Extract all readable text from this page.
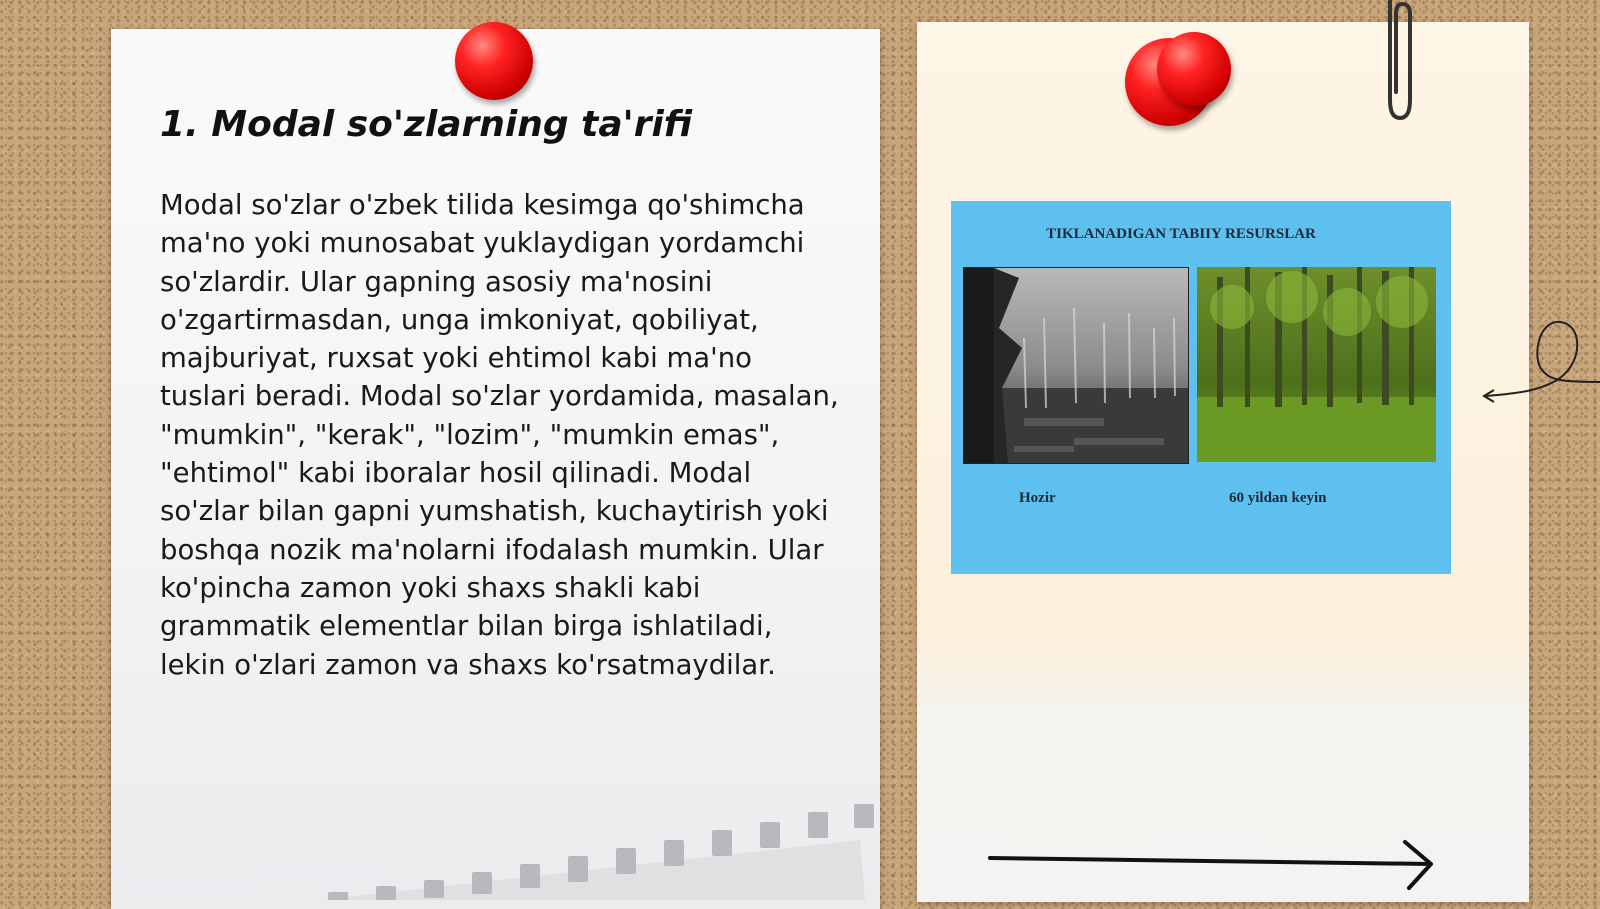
1. Modal so'zlarning ta'rifi

Modal so'zlar o'zbek tilida kesimga qo'shimcha ma'no yoki munosabat yuklaydigan yordamchi so'zlardir. Ular gapning asosiy ma'nosini o'zgartirmasdan, unga imkoniyat, qobiliyat, majburiyat, ruxsat yoki ehtimol kabi ma'no tuslari beradi. Modal so'zlar yordamida, masalan, "mumkin", "kerak", "lozim", "mumkin emas", "ehtimol" kabi iboralar hosil qilinadi. Modal so'zlar bilan gapni yumshatish, kuchaytirish yoki boshqa nozik ma'nolarni ifodalash mumkin. Ular ko'pincha zamon yoki shaxs shakli kabi grammatik elementlar bilan birga ishlatiladi, lekin o'zlari zamon va shaxs ko'rsatmaydilar.

TIKLANADIGAN TABIIY RESURSLAR

Hozir	60 yildan keyin
